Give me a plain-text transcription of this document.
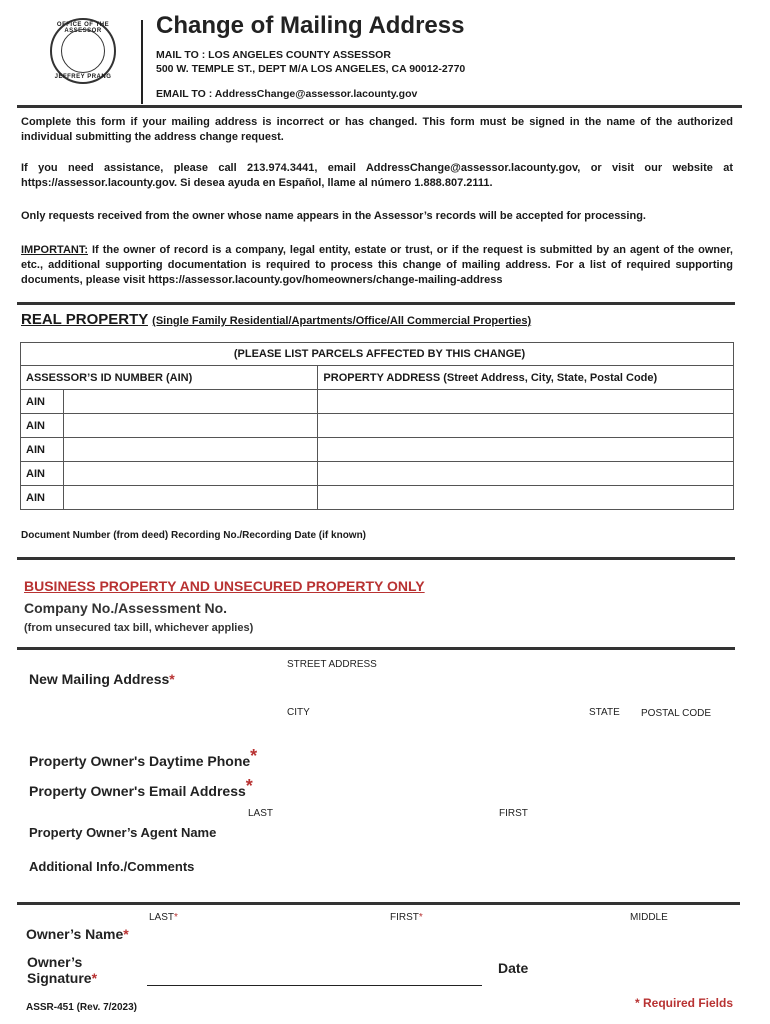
OFFICE OF THE ASSESSOR
JEFFREY PRANG
Change of Mailing Address
MAIL TO : LOS ANGELES COUNTY ASSESSOR
500 W. TEMPLE ST., DEPT M/A LOS ANGELES, CA 90012-2770
EMAIL TO : AddressChange@assessor.lacounty.gov
Complete this form if your mailing address is incorrect or has changed. This form must be signed in the name of the authorized individual submitting the address change request.
If you need assistance, please call 213.974.3441, email AddressChange@assessor.lacounty.gov, or visit our website at https://assessor.lacounty.gov. Si desea ayuda en Español, llame al número 1.888.807.2111.
Only requests received from the owner whose name appears in the Assessor’s records will be accepted for processing.
IMPORTANT: If the owner of record is a company, legal entity, estate or trust, or if the request is submitted by an agent of the owner, etc., additional supporting documentation is required to process this change of mailing address. For a list of required supporting documents, please visit https://assessor.lacounty.gov/homeowners/change-mailing-address
REAL PROPERTY (Single Family Residential/Apartments/Office/All Commercial Properties)
(PLEASE LIST PARCELS AFFECTED BY THIS CHANGE)		
ASSESSOR’S ID NUMBER (AIN)		PROPERTY ADDRESS (Street Address, City, State, Postal Code)
AIN		
AIN		
AIN		
AIN		
AIN		
Document Number (from deed) Recording No./Recording Date (if known)
BUSINESS PROPERTY AND UNSECURED PROPERTY ONLY
Company No./Assessment No.
(from unsecured tax bill, whichever applies)
STREET ADDRESS
New Mailing Address*
CITY	STATE POSTAL CODE
Property Owner's Daytime Phone*
Property Owner's Email Address*
LAST	FIRST
Property Owner’s Agent Name
Additional Info./Comments
LAST*	FIRST*	MIDDLE
Owner’s Name*
Owner’s
Signature*
Date
ASSR-451 (Rev. 7/2023)	* Required Fields
